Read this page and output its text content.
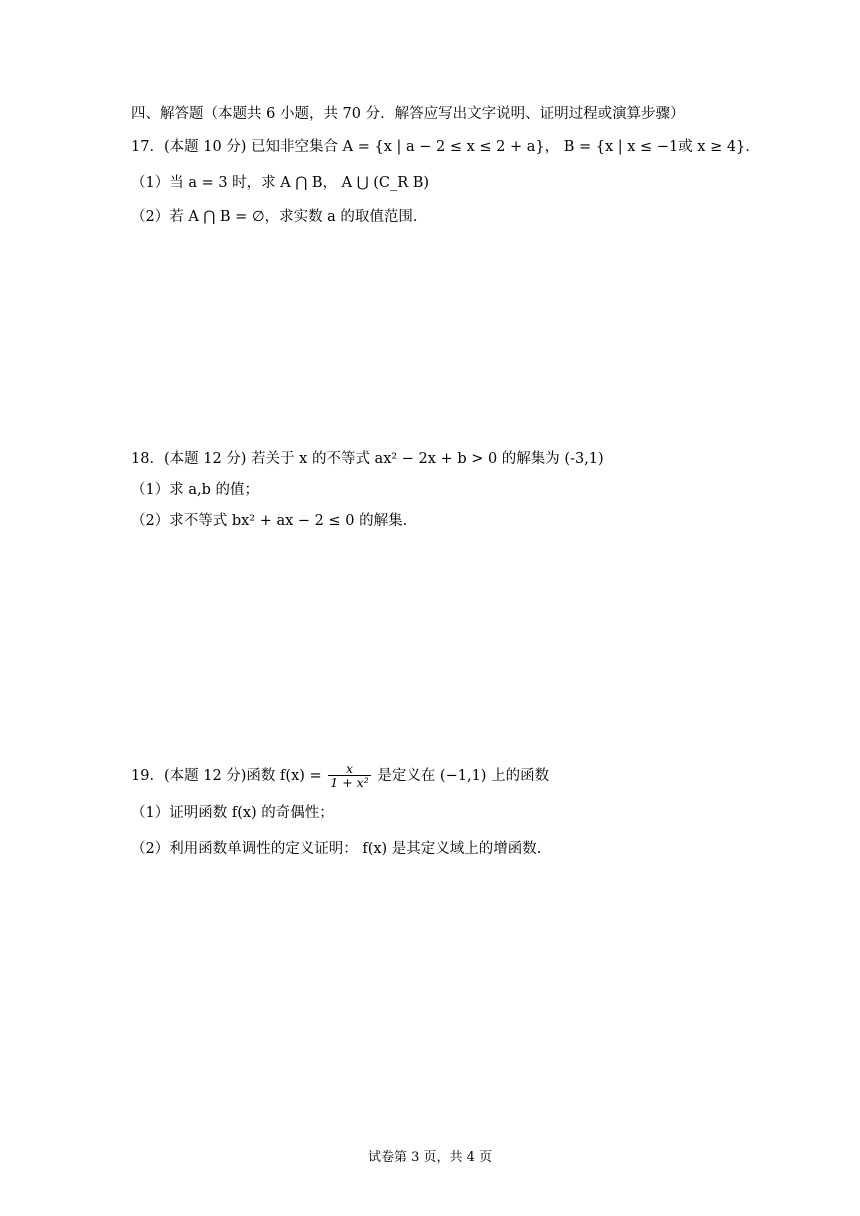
四、解答题（本题共 6 小题，共 70 分．解答应写出文字说明、证明过程或演算步骤）
17．(本题 10 分) 已知非空集合 A = {x | a − 2 ≤ x ≤ 2 + a}， B = {x | x ≤ −1或 x ≥ 4}．
（1）当 a = 3 时，求 A ⋂ B， A ⋃ (C_R B)
（2）若 A ⋂ B = ∅，求实数 a 的取值范围．
18．(本题 12 分) 若关于 x 的不等式 ax² − 2x + b > 0 的解集为 (-3,1)
（1）求 a,b 的值；
（2）求不等式 bx² + ax − 2 ≤ 0 的解集.
19．(本题 12 分)函数 $f(x) = \frac{x}{\text{1 + x²}}$ 是定义在 (−1,1) 上的函数
（1）证明函数 f(x) 的奇偶性；
（2）利用函数单调性的定义证明： f(x) 是其定义域上的增函数.
试卷第 3 页，共 4 页
